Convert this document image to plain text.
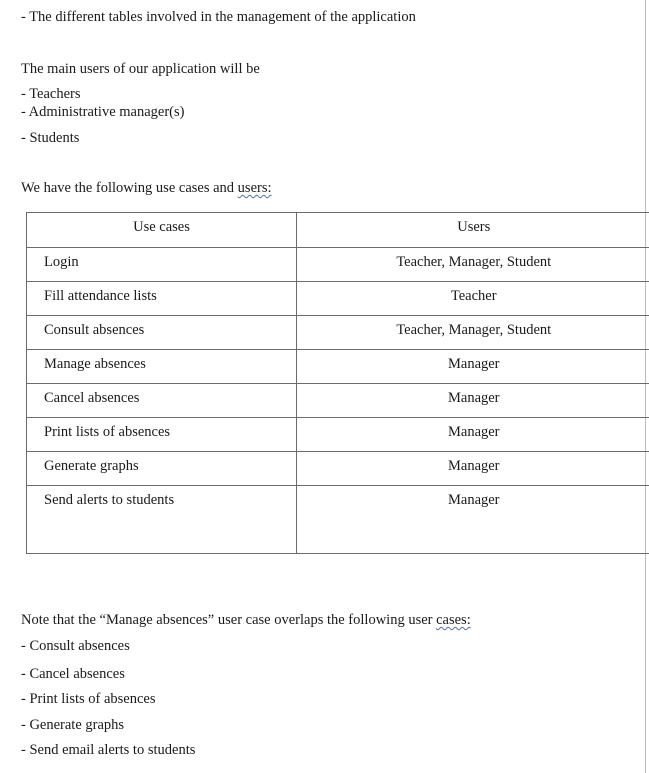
- The different tables involved in the management of the application
The main users of our application will be
- Teachers
- Administrative manager(s)
- Students
We have the following use cases and users:
Use cases	Users

Login	Teacher, Manager, Student

Fill attendance lists	Teacher

Consult absences	Teacher, Manager, Student

Manage absences	Manager

Cancel absences	Manager

Print lists of absences	Manager

Generate graphs	Manager

Send alerts to students	Manager
Note that the “Manage absences” user case overlaps the following user cases:
- Consult absences
- Cancel absences
- Print lists of absences
- Generate graphs
- Send email alerts to students
